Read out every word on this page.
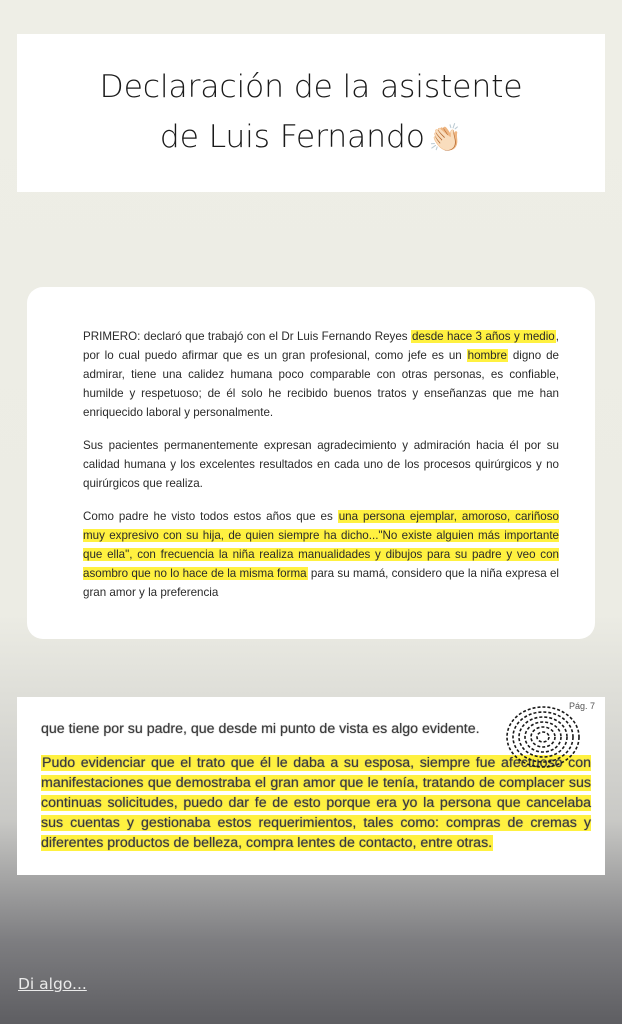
Declaración de la asistente
de Luis Fernando 👏🏻

PRIMERO: declaró que trabajó con el Dr Luis Fernando Reyes desde hace 3 años y medio, por lo cual puedo afirmar que es un gran profesional, como jefe es un hombre digno de admirar, tiene una calidez humana poco comparable con otras personas, es confiable, humilde y respetuoso; de él solo he recibido buenos tratos y enseñanzas que me han enriquecido laboral y personalmente.

Sus pacientes permanentemente expresan agradecimiento y admiración hacia él por su calidad humana y los excelentes resultados en cada uno de los procesos quirúrgicos y no quirúrgicos que realiza.

Como padre he visto todos estos años que es una persona ejemplar, amoroso, cariñoso muy expresivo con su hija, de quien siempre ha dicho..."No existe alguien más importante que ella", con frecuencia la niña realiza manualidades y dibujos para su padre y veo con asombro que no lo hace de la misma forma para su mamá, considero que la niña expresa el gran amor y la preferencia

Pág. 7

que tiene por su padre, que desde mi punto de vista es algo evidente.

Pudo evidenciar que el trato que él le daba a su esposa, siempre fue afectuoso con manifestaciones que demostraba el gran amor que le tenía, tratando de complacer sus continuas solicitudes, puedo dar fe de esto porque era yo la persona que cancelaba sus cuentas y gestionaba estos requerimientos, tales como: compras de cremas y diferentes productos de belleza, compra lentes de contacto, entre otras.

Di algo...
